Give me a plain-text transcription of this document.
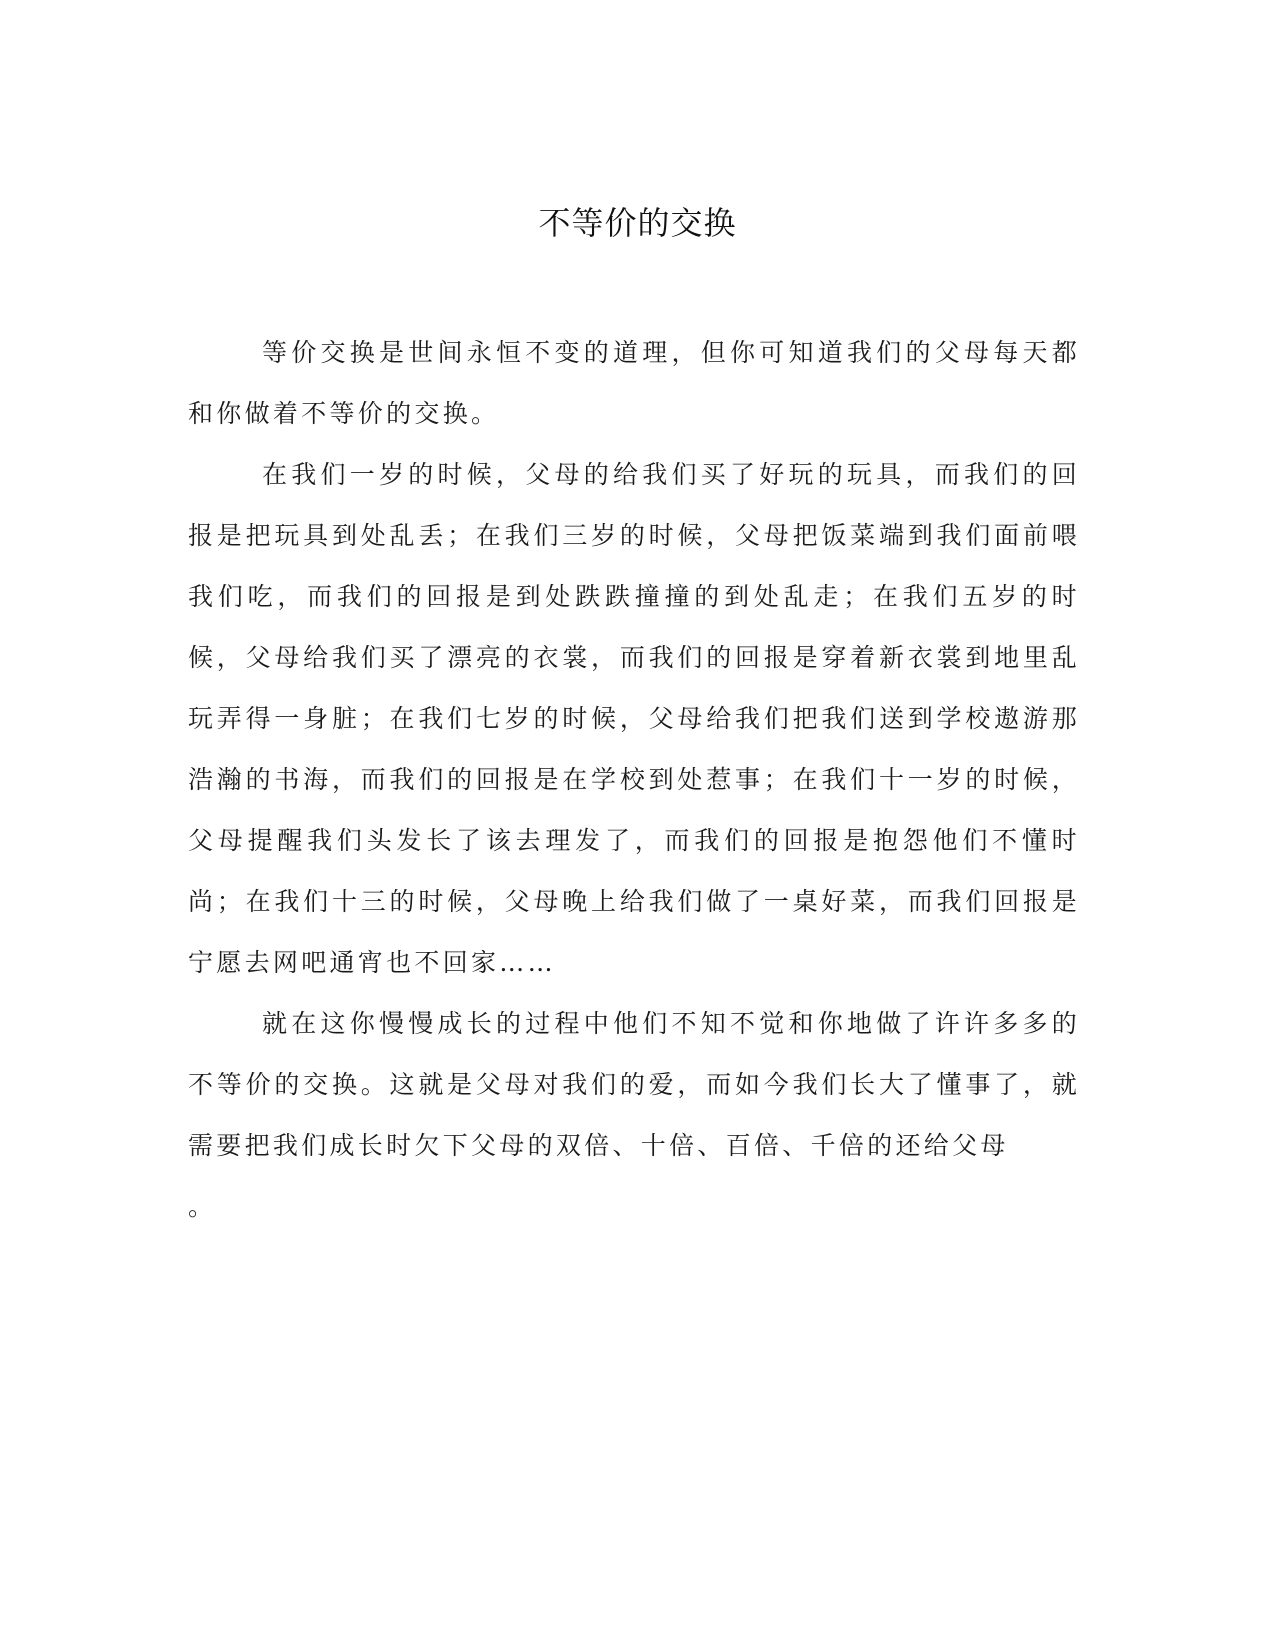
不等价的交换

等价交换是世间永恒不变的道理，但你可知道我们的父母每天都和你做着不等价的交换。

在我们一岁的时候，父母的给我们买了好玩的玩具，而我们的回报是把玩具到处乱丢；在我们三岁的时候，父母把饭菜端到我们面前喂我们吃，而我们的回报是到处跌跌撞撞的到处乱走；在我们五岁的时候，父母给我们买了漂亮的衣裳，而我们的回报是穿着新衣裳到地里乱玩弄得一身脏；在我们七岁的时候，父母给我们把我们送到学校遨游那浩瀚的书海，而我们的回报是在学校到处惹事；在我们十一岁的时候，父母提醒我们头发长了该去理发了，而我们的回报是抱怨他们不懂时尚；在我们十三的时候，父母晚上给我们做了一桌好菜，而我们回报是宁愿去网吧通宵也不回家……

就在这你慢慢成长的过程中他们不知不觉和你地做了许许多多的不等价的交换。这就是父母对我们的爱，而如今我们长大了懂事了，就需要把我们成长时欠下父母的双倍、十倍、百倍、千倍的还给父母

。
